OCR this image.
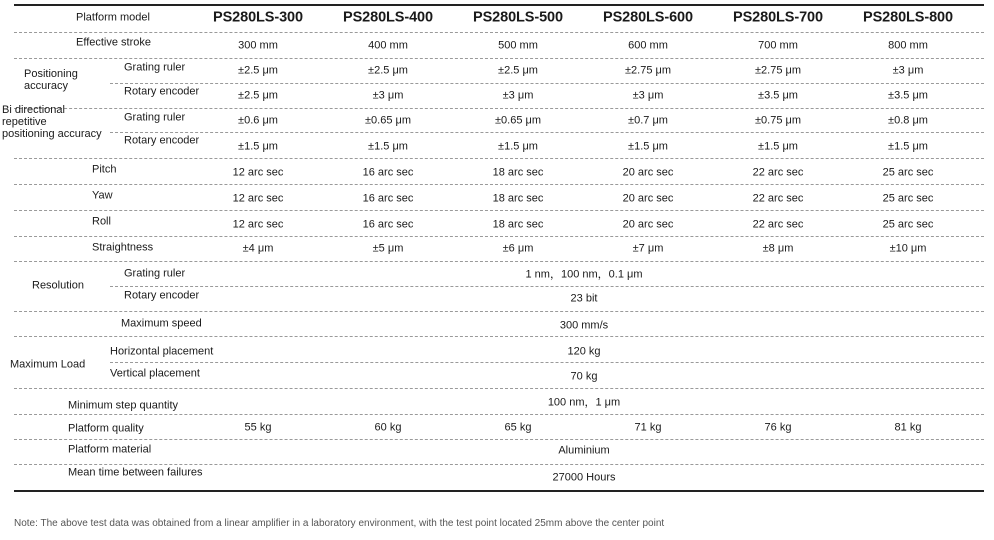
Platform model	PS280LS-300	PS280LS-400	PS280LS-500	PS280LS-600	PS280LS-700	PS280LS-800
Effective stroke	300 mm	400 mm	500 mm	600 mm	700 mm	800 mm
Positioning
accuracy
Grating ruler	±2.5 μm	±2.5 μm	±2.5 μm	±2.75 μm	±2.75 μm	±3 μm
Rotary encoder	±2.5 μm	±3 μm	±3 μm	±3 μm	±3.5 μm	±3.5 μm
Bi directional
repetitive
positioning accuracy
Grating ruler	±0.6 μm	±0.65 μm	±0.65 μm	±0.7 μm	±0.75 μm	±0.8 μm
Rotary encoder	±1.5 μm	±1.5 μm	±1.5 μm	±1.5 μm	±1.5 μm	±1.5 μm
Pitch	12 arc sec	16 arc sec	18 arc sec	20 arc sec	22 arc sec	25 arc sec
Yaw	12 arc sec	16 arc sec	18 arc sec	20 arc sec	22 arc sec	25 arc sec
Roll	12 arc sec	16 arc sec	18 arc sec	20 arc sec	22 arc sec	25 arc sec
Straightness	±4 μm	±5 μm	±6 μm	±7 μm	±8 μm	±10 μm
Resolution
Grating ruler	1 nm，100 nm，0.1 μm
Rotary encoder	23 bit
Maximum speed	300 mm/s
Maximum Load
Horizontal placement	120 kg
Vertical placement	70 kg
Minimum step quantity	100 nm，1 μm
Platform quality	55 kg	60 kg	65 kg	71 kg	76 kg	81 kg
Platform material	Aluminium
Mean time between failures	27000 Hours
Note: The above test data was obtained from a linear amplifier in a laboratory environment, with the test point located 25mm above the center point
